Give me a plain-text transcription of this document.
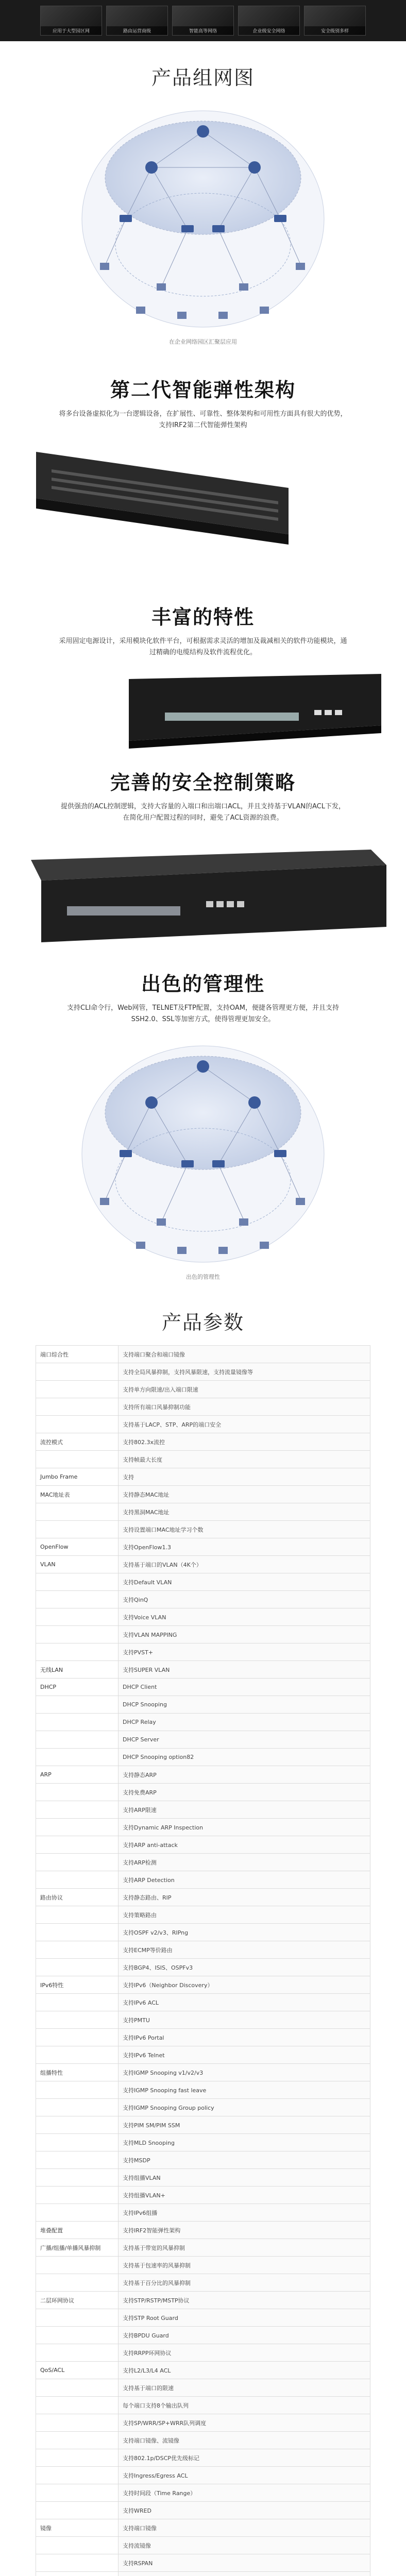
应用于大型园区网	路由运营商级	智能高等网络	企业级安全网络	安全级别多样
产品组网图

在企业网络园区汇聚层应用

第二代智能弹性架构

将多台设备虚拟化为一台逻辑设备，在扩展性、可靠性、整体架构和可用性方面具有很大的优势，支持IRF2第二代智能弹性架构

丰富的特性

采用固定电源设计，采用模块化软件平台，可根据需求灵活的增加及裁减相关的软件功能模块，通过精确的电缆结构及软件流程优化。

完善的安全控制策略

提供强劲的ACL控制逻辑，支持大容量的入端口和出端口ACL，并且支持基于VLAN的ACL下发，在简化用户配置过程的同时，避免了ACL资源的浪费。

出色的管理性

支持CLI命令行，Web网管，TELNET及FTP配置，支持OAM，便捷各管理更方便，并且支持SSH2.0、SSL等加密方式，使得管理更加安全。

出色的管理性

产品参数
端口综合性	支持端口聚合和端口镜像
	支持全局风暴抑制，支持风暴限速，支持流量镜像等
	支持单方向限速/出入端口限速
	支持所有端口风暴抑制功能
	支持基于LACP、STP、ARP的端口安全
流控模式	支持802.3x流控
	支持帧最大长度
Jumbo Frame	支持
MAC地址表	支持静态MAC地址
	支持黑洞MAC地址
	支持设置端口MAC地址学习个数
OpenFlow	支持OpenFlow1.3
VLAN	支持基于端口的VLAN（4K个）
	支持Default VLAN
	支持QinQ
	支持Voice VLAN
	支持VLAN MAPPING
	支持PVST+
无线LAN	支持SUPER VLAN
DHCP	DHCP Client
	DHCP Snooping
	DHCP Relay
	DHCP Server
	DHCP Snooping option82
ARP	支持静态ARP
	支持免费ARP
	支持ARP限速
	支持Dynamic ARP Inspection
	支持ARP anti-attack
	支持ARP检测
	支持ARP Detection
路由协议	支持静态路由、RIP
	支持策略路由
	支持OSPF v2/v3、RIPng
	支持ECMP等价路由
	支持BGP4、ISIS、OSPFv3
IPv6特性	支持IPv6（Neighbor Discovery）
	支持IPv6 ACL
	支持PMTU
	支持IPv6 Portal
	支持IPv6 Telnet
组播特性	支持IGMP Snooping v1/v2/v3
	支持IGMP Snooping fast leave
	支持IGMP Snooping Group policy
	支持PIM SM/PIM SSM
	支持MLD Snooping
	支持MSDP
	支持组播VLAN
	支持组播VLAN+
	支持IPv6组播
堆叠配置	支持IRF2智能弹性架构
广播/组播/单播风暴抑制	支持基于带宽的风暴抑制
	支持基于包速率的风暴抑制
	支持基于百分比的风暴抑制
二层环网协议	支持STP/RSTP/MSTP协议
	支持STP Root Guard
	支持BPDU Guard
	支持RRPP环网协议
QoS/ACL	支持L2/L3/L4 ACL
	支持基于端口的限速
	每个端口支持8个输出队列
	支持SP/WRR/SP+WRR队列调度
	支持端口镜像、流镜像
	支持802.1p/DSCP优先级标记
	支持Ingress/Egress ACL
	支持时间段（Time Range）
	支持WRED
镜像	支持端口镜像
	支持流镜像
	支持RSPAN
